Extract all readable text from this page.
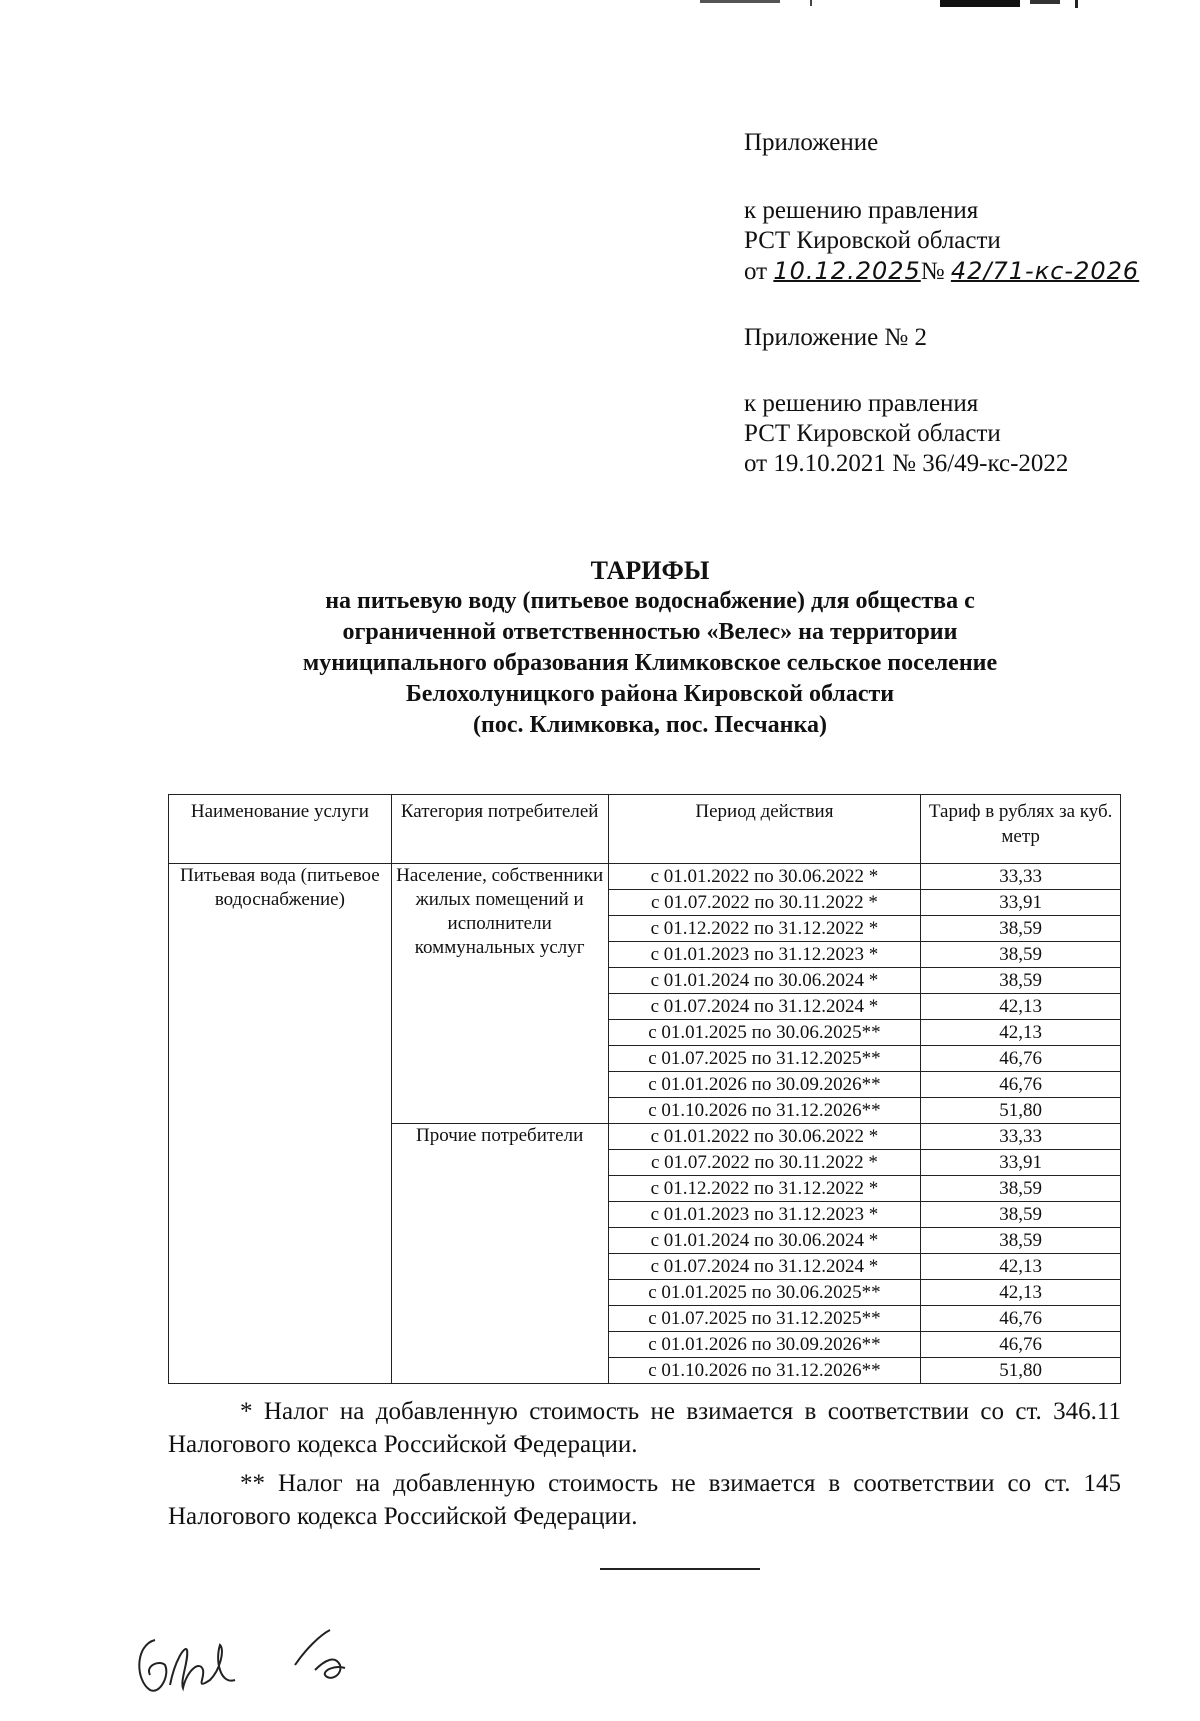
Приложение
к решению правления
РСТ Кировской области
от 10.12.2025№ 42/71-кс-2026
Приложение № 2
к решению правления
РСТ Кировской области
от 19.10.2021 № 36/49-кс-2022
ТАРИФЫ
на питьевую воду (питьевое водоснабжение) для общества с
ограниченной ответственностью «Велес» на территории
муниципального образования Климковское сельское поселение
Белохолуницкого района Кировской области
(пос. Климковка, пос. Песчанка)
Наименование услуги	Категория потребителей	Период действия	Тариф в рублях за куб. метр
Питьевая вода (питьевое водоснабжение)	Население, собственники жилых помещений и исполнители коммунальных услуг	с 01.01.2022 по 30.06.2022 *	33,33
		с 01.07.2022 по 30.11.2022 *	33,91
		с 01.12.2022 по 31.12.2022 *	38,59
		с 01.01.2023 по 31.12.2023 *	38,59
		с 01.01.2024 по 30.06.2024 *	38,59
		с 01.07.2024 по 31.12.2024 *	42,13
		с 01.01.2025 по 30.06.2025**	42,13
		с 01.07.2025 по 31.12.2025**	46,76
		с 01.01.2026 по 30.09.2026**	46,76
		с 01.10.2026 по 31.12.2026**	51,80
	Прочие потребители	с 01.01.2022 по 30.06.2022 *	33,33
		с 01.07.2022 по 30.11.2022 *	33,91
		с 01.12.2022 по 31.12.2022 *	38,59
		с 01.01.2023 по 31.12.2023 *	38,59
		с 01.01.2024 по 30.06.2024 *	38,59
		с 01.07.2024 по 31.12.2024 *	42,13
		с 01.01.2025 по 30.06.2025**	42,13
		с 01.07.2025 по 31.12.2025**	46,76
		с 01.01.2026 по 30.09.2026**	46,76
		с 01.10.2026 по 31.12.2026**	51,80

* Налог на добавленную стоимость не взимается в соответствии со ст. 346.11 Налогового кодекса Российской Федерации.

** Налог на добавленную стоимость не взимается в соответствии со ст. 145 Налогового кодекса Российской Федерации.
